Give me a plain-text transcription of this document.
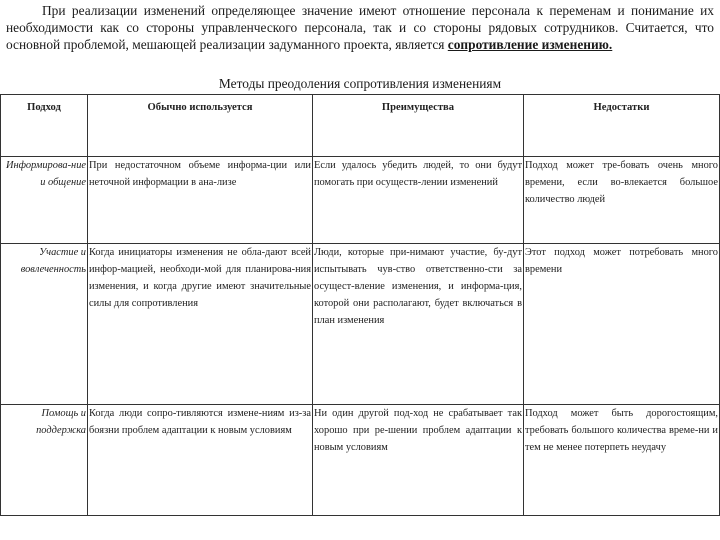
При реализации изменений определяющее значение имеют отношение персонала к переменам и понимание их необходимости как со стороны управленческого персонала, так и со стороны рядовых сотрудников. Считается, что основной проблемой, мешающей реализации задуманного проекта, является сопротивление изменению.
Методы преодоления сопротивления изменениям
Подход	Обычно используется	Преимущества	Недостатки
Информирова-ние и общение	При недостаточном объеме информа-ции или неточной информации в ана-лизе	Если удалось убедить людей, то они будут помогать при осуществ-лении изменений	Подход может тре-бовать очень много времени, если во-влекается большое количество людей
Участие и вовлеченность	Когда инициаторы изменения не обла-дают всей инфор-мацией, необходи-мой для планирова-ния изменения, и когда другие имеют значительные силы для сопротивления	Люди, которые при-нимают участие, бу-дут испытывать чув-ство ответственно-сти за осущест-вление изменения, и информа-ция, которой они располагают, будет включаться в план изменения	Этот подход может потребовать много времени
Помощь и поддержка	Когда люди сопро-тивляются измене-ниям из-за боязни проблем адаптации к новым условиям	Ни один другой под-ход не срабатывает так хорошо при ре-шении проблем адаптации к новым условиям	Подход может быть дорогостоящим, требовать большого количества време-ни и тем не менее потерпеть неудачу
